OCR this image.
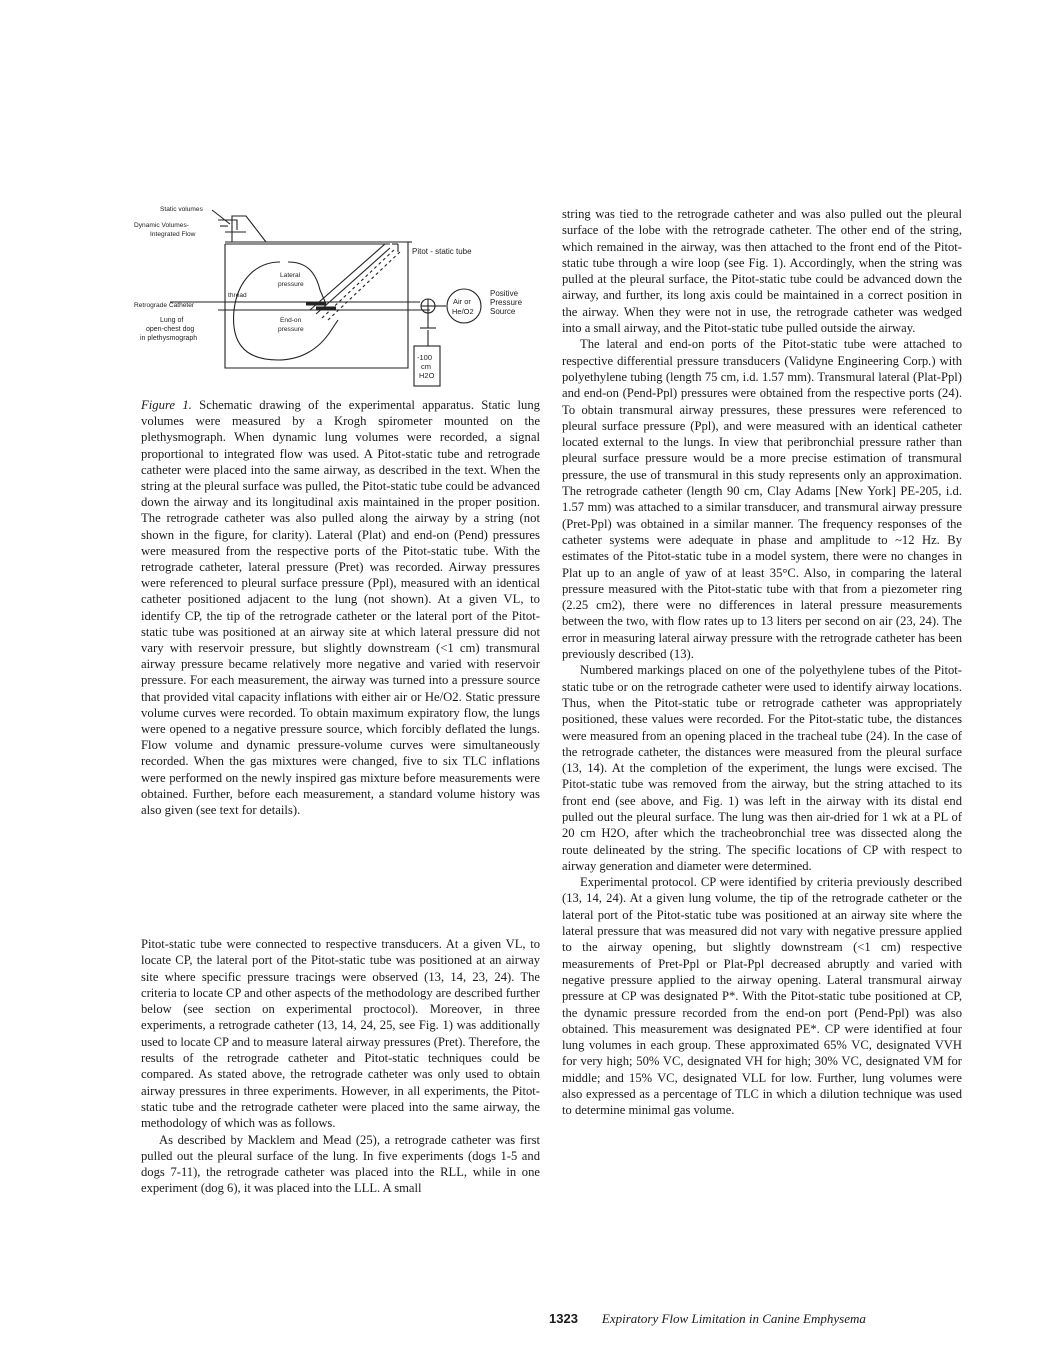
Static volumes
Dynamic Volumes-
Integrated Flow
Pitot - static tube
Lateral
pressure
thread
Retrograde Catheter
End-on
pressure
Lung of
open-chest dog
in plethysmograph
Air or
He/O2
Positive
Pressure
Source
-100
cm
H2O

Figure 1. Schematic drawing of the experimental apparatus. Static lung volumes were measured by a Krogh spirometer mounted on the plethysmograph. When dynamic lung volumes were recorded, a signal proportional to integrated flow was used. A Pitot-static tube and retrograde catheter were placed into the same airway, as described in the text. When the string at the pleural surface was pulled, the Pitot-static tube could be advanced down the airway and its longitudinal axis maintained in the proper position. The retrograde catheter was also pulled along the airway by a string (not shown in the figure, for clarity). Lateral (Plat) and end-on (Pend) pressures were measured from the respective ports of the Pitot-static tube. With the retrograde catheter, lateral pressure (Pret) was recorded. Airway pressures were referenced to pleural surface pressure (Ppl), measured with an identical catheter positioned adjacent to the lung (not shown). At a given VL, to identify CP, the tip of the retrograde catheter or the lateral port of the Pitot-static tube was positioned at an airway site at which lateral pressure did not vary with reservoir pressure, but slightly downstream (<1 cm) transmural airway pressure became relatively more negative and varied with reservoir pressure. For each measurement, the airway was turned into a pressure source that provided vital capacity inflations with either air or He/O2. Static pressure volume curves were recorded. To obtain maximum expiratory flow, the lungs were opened to a negative pressure source, which forcibly deflated the lungs. Flow volume and dynamic pressure-volume curves were simultaneously recorded. When the gas mixtures were changed, five to six TLC inflations were performed on the newly inspired gas mixture before measurements were obtained. Further, before each measurement, a standard volume history was also given (see text for details).

Pitot-static tube were connected to respective transducers. At a given VL, to locate CP, the lateral port of the Pitot-static tube was positioned at an airway site where specific pressure tracings were observed (13, 14, 23, 24). The criteria to locate CP and other aspects of the methodology are described further below (see section on experimental proctocol). Moreover, in three experiments, a retrograde catheter (13, 14, 24, 25, see Fig. 1) was additionally used to locate CP and to measure lateral airway pressures (Pret). Therefore, the results of the retrograde catheter and Pitot-static techniques could be compared. As stated above, the retrograde catheter was only used to obtain airway pressures in three experiments. However, in all experiments, the Pitot-static tube and the retrograde catheter were placed into the same airway, the methodology of which was as follows.

As described by Macklem and Mead (25), a retrograde catheter was first pulled out the pleural surface of the lung. In five experiments (dogs 1-5 and dogs 7-11), the retrograde catheter was placed into the RLL, while in one experiment (dog 6), it was placed into the LLL. A small

string was tied to the retrograde catheter and was also pulled out the pleural surface of the lobe with the retrograde catheter. The other end of the string, which remained in the airway, was then attached to the front end of the Pitot-static tube through a wire loop (see Fig. 1). Accordingly, when the string was pulled at the pleural surface, the Pitot-static tube could be advanced down the airway, and further, its long axis could be maintained in a correct position in the airway. When they were not in use, the retrograde catheter was wedged into a small airway, and the Pitot-static tube pulled outside the airway.

The lateral and end-on ports of the Pitot-static tube were attached to respective differential pressure transducers (Validyne Engineering Corp.) with polyethylene tubing (length 75 cm, i.d. 1.57 mm). Transmural lateral (Plat-Ppl) and end-on (Pend-Ppl) pressures were obtained from the respective ports (24). To obtain transmural airway pressures, these pressures were referenced to pleural surface pressure (Ppl), and were measured with an identical catheter located external to the lungs. In view that peribronchial pressure rather than pleural surface pressure would be a more precise estimation of transmural pressure, the use of transmural in this study represents only an approximation. The retrograde catheter (length 90 cm, Clay Adams [New York] PE-205, i.d. 1.57 mm) was attached to a similar transducer, and transmural airway pressure (Pret-Ppl) was obtained in a similar manner. The frequency responses of the catheter systems were adequate in phase and amplitude to ~12 Hz. By estimates of the Pitot-static tube in a model system, there were no changes in Plat up to an angle of yaw of at least 35°C. Also, in comparing the lateral pressure measured with the Pitot-static tube with that from a piezometer ring (2.25 cm2), there were no differences in lateral pressure measurements between the two, with flow rates up to 13 liters per second on air (23, 24). The error in measuring lateral airway pressure with the retrograde catheter has been previously described (13).

Numbered markings placed on one of the polyethylene tubes of the Pitot-static tube or on the retrograde catheter were used to identify airway locations. Thus, when the Pitot-static tube or retrograde catheter was appropriately positioned, these values were recorded. For the Pitot-static tube, the distances were measured from an opening placed in the tracheal tube (24). In the case of the retrograde catheter, the distances were measured from the pleural surface (13, 14). At the completion of the experiment, the lungs were excised. The Pitot-static tube was removed from the airway, but the string attached to its front end (see above, and Fig. 1) was left in the airway with its distal end pulled out the pleural surface. The lung was then air-dried for 1 wk at a PL of 20 cm H2O, after which the tracheobronchial tree was dissected along the route delineated by the string. The specific locations of CP with respect to airway generation and diameter were determined.

Experimental protocol. CP were identified by criteria previously described (13, 14, 24). At a given lung volume, the tip of the retrograde catheter or the lateral port of the Pitot-static tube was positioned at an airway site where the lateral pressure that was measured did not vary with negative pressure applied to the airway opening, but slightly downstream (<1 cm) respective measurements of Pret-Ppl or Plat-Ppl decreased abruptly and varied with negative pressure applied to the airway opening. Lateral transmural airway pressure at CP was designated P*. With the Pitot-static tube positioned at CP, the dynamic pressure recorded from the end-on port (Pend-Ppl) was also obtained. This measurement was designated PE*. CP were identified at four lung volumes in each group. These approximated 65% VC, designated VVH for very high; 50% VC, designated VH for high; 30% VC, designated VM for middle; and 15% VC, designated VLL for low. Further, lung volumes were also expressed as a percentage of TLC in which a dilution technique was used to determine minimal gas volume.

1323 Expiratory Flow Limitation in Canine Emphysema
